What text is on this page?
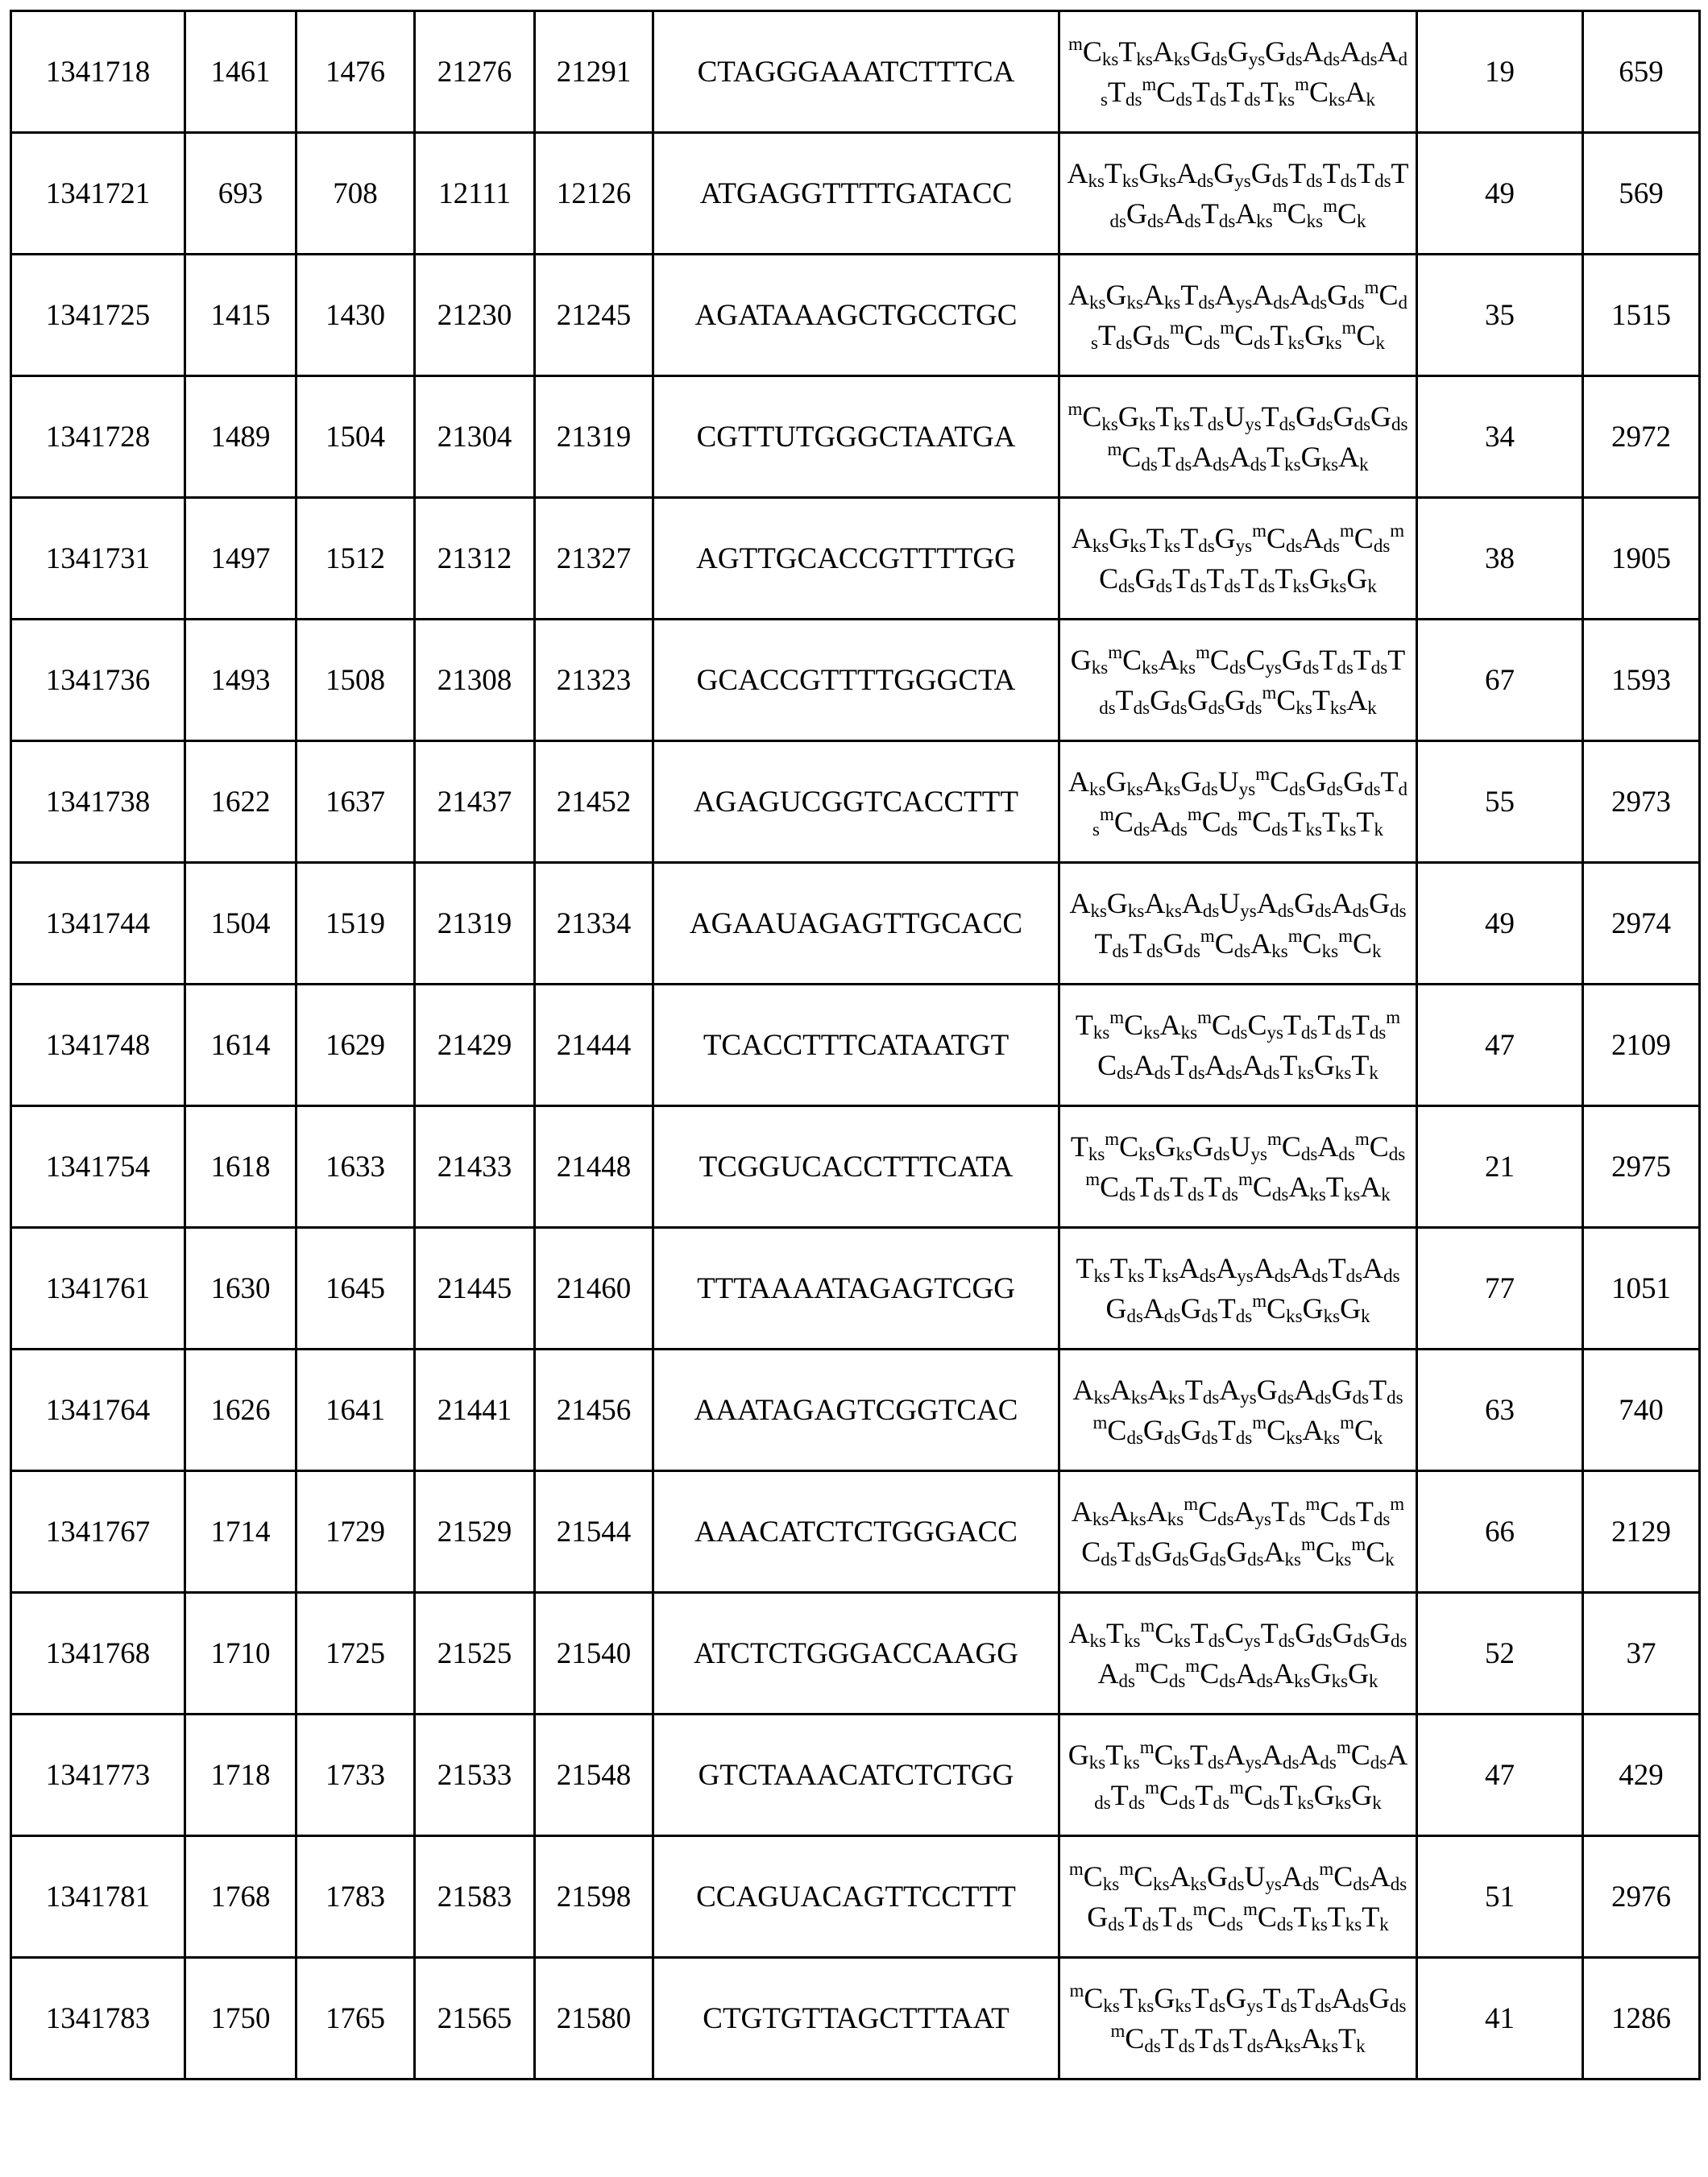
1341718	1461	1476	21276	21291	CTAGGGAAATCTTTCA	mCksTksAksGdsGysGdsAdsAdsAdsTdsmCdsTdsTdsTksmCksAk	19	659
1341721	693	708	12111	12126	ATGAGGTTTTGATACC	AksTksGksAdsGysGdsTdsTdsTdsTdsGdsAdsTdsAksmCksmCk	49	569
1341725	1415	1430	21230	21245	AGATAAAGCTGCCTGC	AksGksAksTdsAysAdsAdsGdsmCdsTdsGdsmCdsmCdsTksGksmCk	35	1515
1341728	1489	1504	21304	21319	CGTTUTGGGCTAATGA	mCksGksTksTdsUysTdsGdsGdsGdsmCdsTdsAdsAdsTksGksAk	34	2972
1341731	1497	1512	21312	21327	AGTTGCACCGTTTTGG	AksGksTksTdsGysmCdsAdsmCdsmCdsGdsTdsTdsTdsTksGksGk	38	1905
1341736	1493	1508	21308	21323	GCACCGTTTTGGGCTA	GksmCksAksmCdsCysGdsTdsTdsTdsTdsGdsGdsGdsmCksTksAk	67	1593
1341738	1622	1637	21437	21452	AGAGUCGGTCACCTTT	AksGksAksGdsUysmCdsGdsGdsTdsmCdsAdsmCdsmCdsTksTksTk	55	2973
1341744	1504	1519	21319	21334	AGAAUAGAGTTGCACC	AksGksAksAdsUysAdsGdsAdsGdsTdsTdsGdsmCdsAksmCksmCk	49	2974
1341748	1614	1629	21429	21444	TCACCTTTCATAATGT	TksmCksAksmCdsCysTdsTdsTdsmCdsAdsTdsAdsAdsTksGksTk	47	2109
1341754	1618	1633	21433	21448	TCGGUCACCTTTCATA	TksmCksGksGdsUysmCdsAdsmCdsmCdsTdsTdsTdsmCdsAksTksAk	21	2975
1341761	1630	1645	21445	21460	TTTAAAATAGAGTCGG	TksTksTksAdsAysAdsAdsTdsAdsGdsAdsGdsTdsmCksGksGk	77	1051
1341764	1626	1641	21441	21456	AAATAGAGTCGGTCAC	AksAksAksTdsAysGdsAdsGdsTdsmCdsGdsGdsTdsmCksAksmCk	63	740
1341767	1714	1729	21529	21544	AAACATCTCTGGGACC	AksAksAksmCdsAysTdsmCdsTdsmCdsTdsGdsGdsGdsAksmCksmCk	66	2129
1341768	1710	1725	21525	21540	ATCTCTGGGACCAAGG	AksTksmCksTdsCysTdsGdsGdsGdsAdsmCdsmCdsAdsAksGksGk	52	37
1341773	1718	1733	21533	21548	GTCTAAACATCTCTGG	GksTksmCksTdsAysAdsAdsmCdsAdsTdsmCdsTdsmCdsTksGksGk	47	429
1341781	1768	1783	21583	21598	CCAGUACAGTTCCTTT	mCksmCksAksGdsUysAdsmCdsAdsGdsTdsTdsmCdsmCdsTksTksTk	51	2976
1341783	1750	1765	21565	21580	CTGTGTTAGCTTTAAT	mCksTksGksTdsGysTdsTdsAdsGdsmCdsTdsTdsTdsAksAksTk	41	1286
